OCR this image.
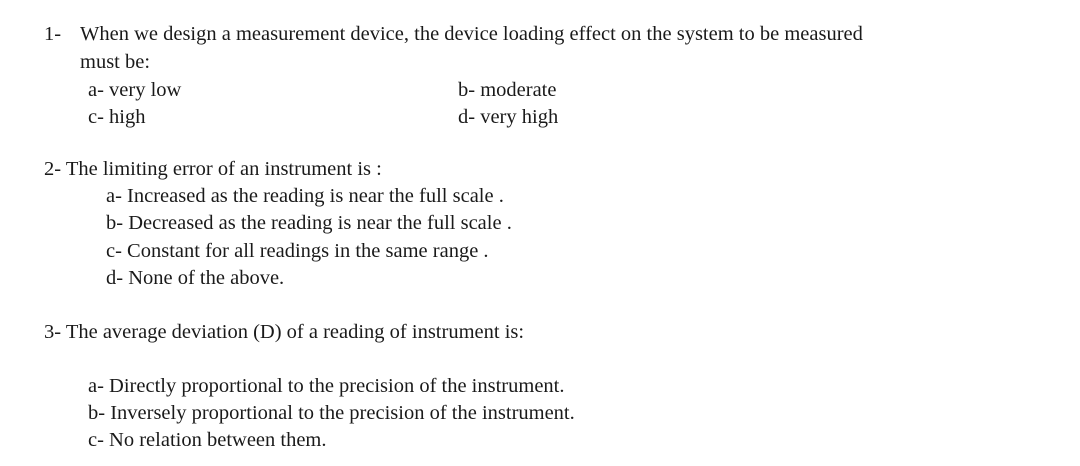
1- When we design a measurement device, the device loading effect on the system to be measured
must be:
a- very low	b- moderate
c- high	d- very high
2- The limiting error of an instrument is :
a- Increased as the reading is near the full scale .
b- Decreased as the reading is near the full scale .
c- Constant for all readings in the same range .
d- None of the above.
3- The average deviation (D) of a reading of instrument is:
a- Directly proportional to the precision of the instrument.
b- Inversely proportional to the precision of the instrument.
c- No relation between them.
